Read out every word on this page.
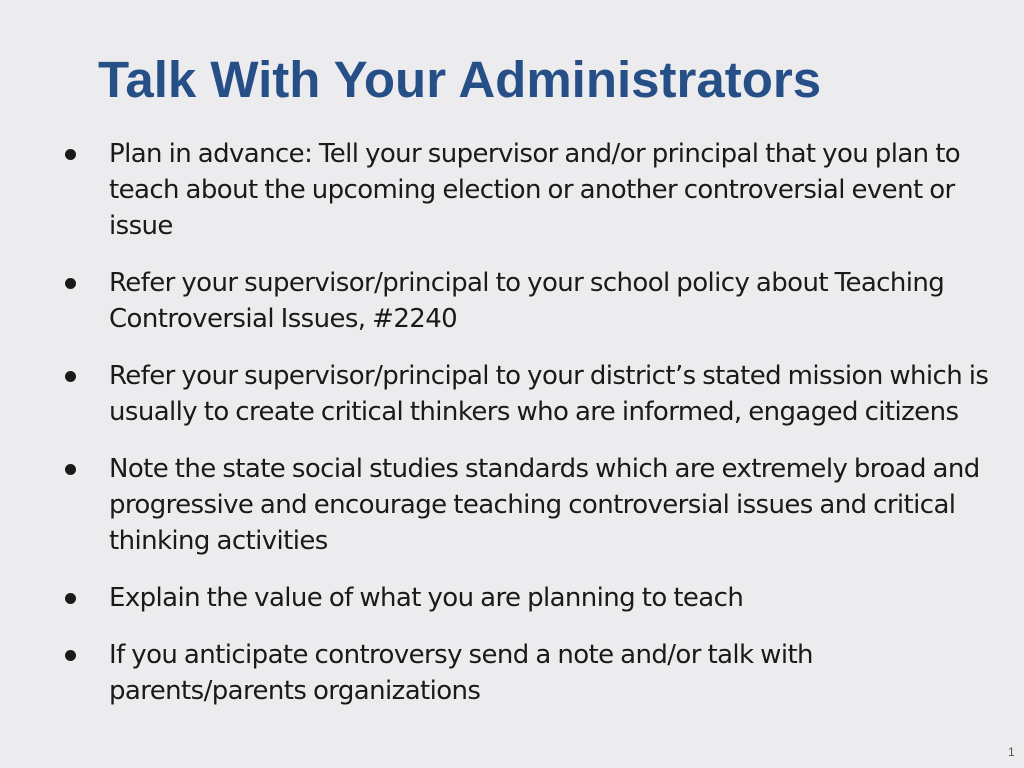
Talk With Your Administrators
Plan in advance: Tell your supervisor and/or principal that you plan to teach about the upcoming election or another controversial event or issue
Refer your supervisor/principal to your school policy about Teaching Controversial Issues, #2240
Refer your supervisor/principal to your district’s stated mission which is usually to create critical thinkers who are informed, engaged citizens
Note the state social studies standards which are extremely broad and progressive and encourage teaching controversial issues and critical thinking activities
Explain the value of what you are planning to teach
If you anticipate controversy send a note and/or talk with parents/parents organizations
1
